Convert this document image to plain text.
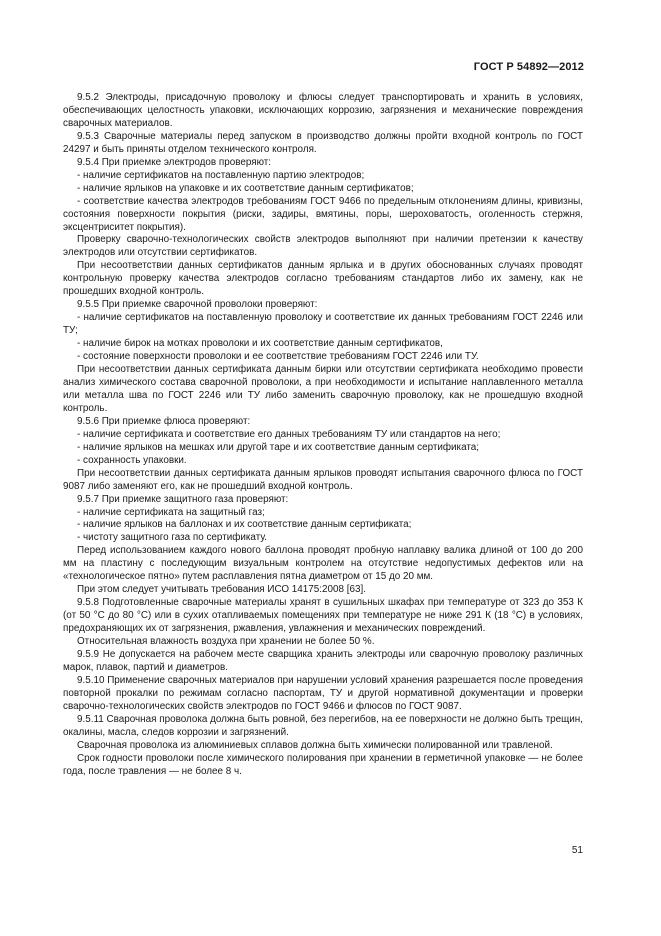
ГОСТ Р 54892—2012

9.5.2 Электроды, присадочную проволоку и флюсы следует транспортировать и хранить в условиях, обеспечивающих целостность упаковки, исключающих коррозию, загрязнения и механические повреждения сварочных материалов.

9.5.3 Сварочные материалы перед запуском в производство должны пройти входной контроль по ГОСТ 24297 и быть приняты отделом технического контроля.

9.5.4 При приемке электродов проверяют:

- наличие сертификатов на поставленную партию электродов;

- наличие ярлыков на упаковке и их соответствие данным сертификатов;

- соответствие качества электродов требованиям ГОСТ 9466 по предельным отклонениям длины, кривизны, состояния поверхности покрытия (риски, задиры, вмятины, поры, шероховатость, оголенность стержня, эксцентриситет покрытия).

Проверку сварочно-технологических свойств электродов выполняют при наличии претензии к качеству электродов или отсутствии сертификатов.

При несоответствии данных сертификатов данным ярлыка и в других обоснованных случаях проводят контрольную проверку качества электродов согласно требованиям стандартов либо их замену, как не прошедших входной контроль.

9.5.5 При приемке сварочной проволоки проверяют:

- наличие сертификатов на поставленную проволоку и соответствие их данных требованиям ГОСТ 2246 или ТУ;

- наличие бирок на мотках проволоки и их соответствие данным сертификатов,

- состояние поверхности проволоки и ее соответствие требованиям ГОСТ 2246 или ТУ.

При несоответствии данных сертификата данным бирки или отсутствии сертификата необходимо провести анализ химического состава сварочной проволоки, а при необходимости и испытание наплавленного металла или металла шва по ГОСТ 2246 или ТУ либо заменить сварочную проволоку, как не прошедшую входной контроль.

9.5.6 При приемке флюса проверяют:

- наличие сертификата и соответствие его данных требованиям ТУ или стандартов на него;

- наличие ярлыков на мешках или другой таре и их соответствие данным сертификата;

- сохранность упаковки.

При несоответствии данных сертификата данным ярлыков проводят испытания сварочного флюса по ГОСТ 9087 либо заменяют его, как не прошедший входной контроль.

9.5.7 При приемке защитного газа проверяют:

- наличие сертификата на защитный газ;

- наличие ярлыков на баллонах и их соответствие данным сертификата;

- чистоту защитного газа по сертификату.

Перед использованием каждого нового баллона проводят пробную наплавку валика длиной от 100 до 200 мм на пластину с последующим визуальным контролем на отсутствие недопустимых дефектов или на «технологическое пятно» путем расплавления пятна диаметром от 15 до 20 мм.

При этом следует учитывать требования ИСО 14175:2008 [63].

9.5.8 Подготовленные сварочные материалы хранят в сушильных шкафах при температуре от 323 до 353 К (от 50 °С до 80 °С) или в сухих отапливаемых помещениях при температуре не ниже 291 К (18 °С) в условиях, предохраняющих их от загрязнения, ржавления, увлажнения и механических повреждений.

Относительная влажность воздуха при хранении не более 50 %.

9.5.9 Не допускается на рабочем месте сварщика хранить электроды или сварочную проволоку различных марок, плавок, партий и диаметров.

9.5.10 Применение сварочных материалов при нарушении условий хранения разрешается после проведения повторной прокалки по режимам согласно паспортам, ТУ и другой нормативной документации и проверки сварочно-технологических свойств электродов по ГОСТ 9466 и флюсов по ГОСТ 9087.

9.5.11 Сварочная проволока должна быть ровной, без перегибов, на ее поверхности не должно быть трещин, окалины, масла, следов коррозии и загрязнений.

Сварочная проволока из алюминиевых сплавов должна быть химически полированной или травленой.

Срок годности проволоки после химического полирования при хранении в герметичной упаковке — не более года, после травления — не более 8 ч.

51
